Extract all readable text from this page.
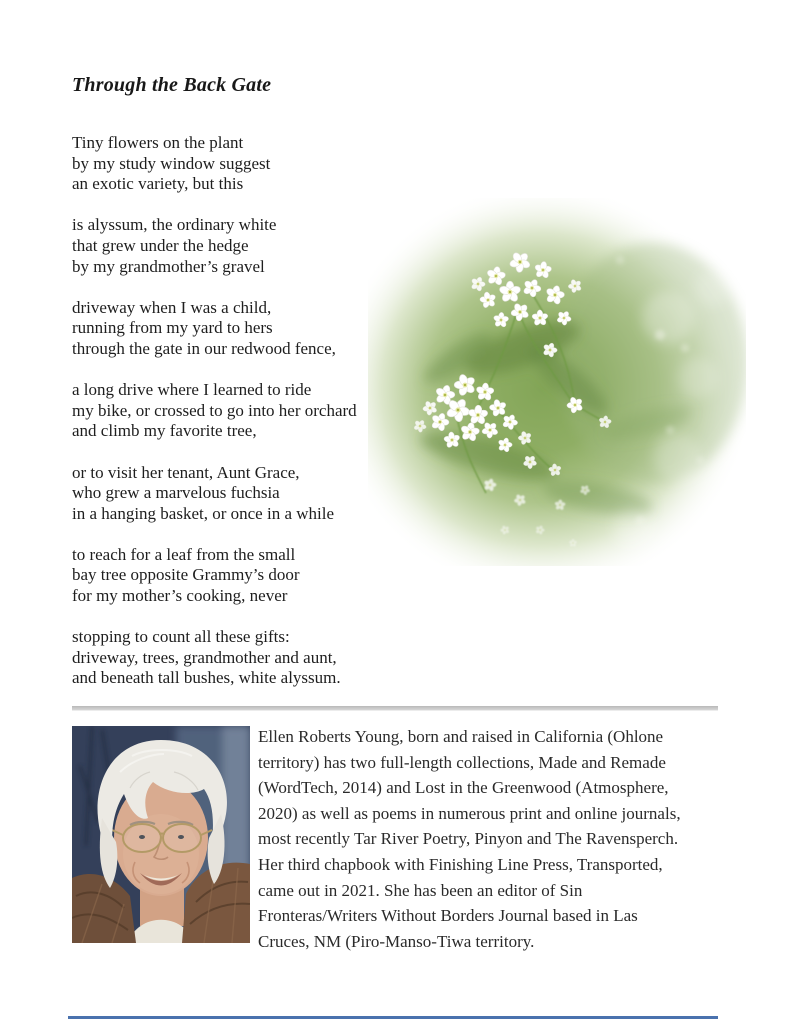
Through the Back Gate
Tiny flowers on the plant
by my study window suggest
an exotic variety, but this
is alyssum, the ordinary white
that grew under the hedge
by my grandmother’s gravel
driveway when I was a child,
running from my yard to hers
through the gate in our redwood fence,
a long drive where I learned to ride
my bike, or crossed to go into her orchard
and climb my favorite tree,
or to visit her tenant, Aunt Grace,
who grew a marvelous fuchsia
in a hanging basket, or once in a while
to reach for a leaf from the small
bay tree opposite Grammy’s door
for my mother’s cooking, never
stopping to count all these gifts:
driveway, trees, grandmother and aunt,
and beneath tall bushes, white alyssum.
Ellen Roberts Young, born and raised in California (Ohlone
territory) has two full-length collections, Made and Remade
(WordTech, 2014) and Lost in the Greenwood (Atmosphere,
2020) as well as poems in numerous print and online journals,
most recently Tar River Poetry, Pinyon and The Ravensperch.
Her third chapbook with Finishing Line Press, Transported,
came out in 2021. She has been an editor of Sin
Fronteras/Writers Without Borders Journal based in Las
Cruces, NM (Piro-Manso-Tiwa territory.
